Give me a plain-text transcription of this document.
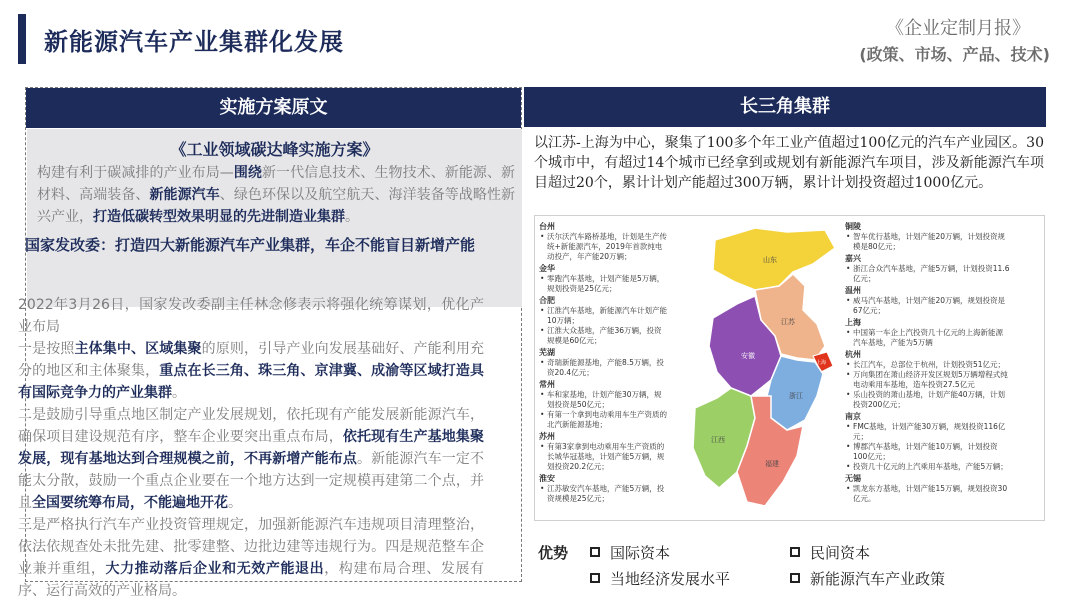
新能源汽车产业集群化发展	《企业定制月报》
(政策、市场、产品、技术)
实施方案原文
《工业领域碳达峰实施方案》
构建有利于碳减排的产业布局—围绕新一代信息技术、生物技术、新能源、新材料、高端装备、新能源汽车、绿色环保以及航空航天、海洋装备等战略性新兴产业，打造低碳转型效果明显的先进制造业集群。
国家发改委：打造四大新能源汽车产业集群，车企不能盲目新增产能

2022年3月26日，国家发改委副主任林念修表示将强化统筹谋划，优化产业布局

一是按照主体集中、区域集聚的原则，引导产业向发展基础好、产能利用充分的地区和主体聚集，重点在长三角、珠三角、京津冀、成渝等区域打造具有国际竞争力的产业集群。

二是鼓励引导重点地区制定产业发展规划，依托现有产能发展新能源汽车，确保项目建设规范有序，整车企业要突出重点布局，依托现有生产基地集聚发展，现有基地达到合理规模之前，不再新增产能布点。新能源汽车一定不能太分散，鼓励一个重点企业要在一个地方达到一定规模再建第二个点，并且全国要统筹布局，不能遍地开花。

三是严格执行汽车产业投资管理规定，加强新能源汽车违规项目清理整治，依法依规查处未批先建、批零建整、边批边建等违规行为。四是规范整车企业兼并重组，大力推动落后企业和无效产能退出，构建布局合理、发展有序、运行高效的产业格局。

长三角集群
以江苏-上海为中心，聚集了100多个年工业产值超过100亿元的汽车产业园区。30个城市中，有超过14个城市已经拿到或规划有新能源汽车项目，涉及新能源汽车项目超过20个，累计计划产能超过300万辆，累计计划投资超过1000亿元。
台州
• 沃尔沃汽车路桥基地，计划是生产传统+新能源汽车，2019年首款纯电动投产，年产能20万辆；
金华
• 零跑汽车基地，计划产能是5万辆，规划投资是25亿元；
合肥
• 江淮汽车基地，新能源汽车计划产能10万辆；
• 江淮大众基地，产能36万辆，投资规模是60亿元；
芜湖
• 奇瑞新能源基地，产能8.5万辆，投资20.4亿元；
常州
• 车和家基地，计划产能30万辆，规划投资是50亿元；
• 有第一个拿到电动乘用车生产资质的北汽新能源基地；
苏州
• 有第3家拿到电动乘用车生产资质的长城华冠基地，计划产能5万辆，规划投资20.2亿元；
淮安
• 江苏敏安汽车基地，产能5万辆，投资规模是25亿元；
山东
江苏
安徽
上海
浙江
江西
福建
铜陵
• 智车优行基地，计划产能20万辆，计划投资规模是80亿元；
嘉兴
• 浙江合众汽车基地，产能5万辆，计划投资11.6亿元；
温州
• 威马汽车基地，计划产能20万辆，规划投资是67亿元；
上海
• 中国第一车企上汽投资几十亿元的上海新能源汽车基地，产能为5万辆
杭州
• 长江汽车，总部位于杭州，计划投资51亿元；
• 万向集团在萧山经济开发区规划5万辆增程式纯电动乘用车基地，造车投资27.5亿元
• 乐山投资的萧山基地，计划产能40万辆，计划投资200亿元；
南京
• FMC基地，计划产能30万辆，规划投资116亿元；
• 博郡汽车基地，计划产能10万辆，计划投资100亿元；
• 投资几十亿元的上汽乘用车基地，产能5万辆；
无锡
• 凯龙东方基地，计划产能15万辆，规划投资30亿元。
优势	国际资本	民间资本
当地经济发展水平	新能源汽车产业政策
